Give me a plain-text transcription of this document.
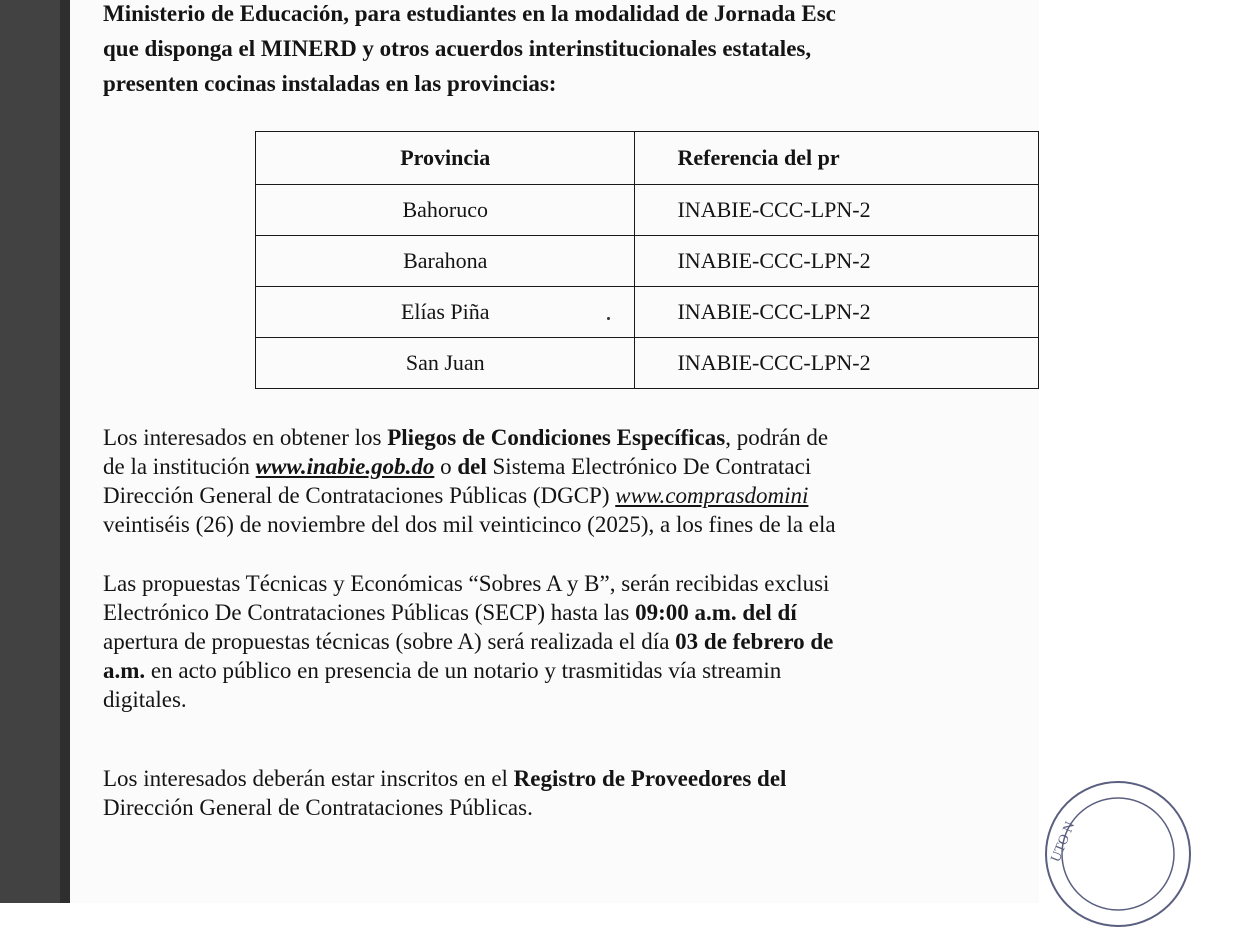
Ministerio de Educación, para estudiantes en la modalidad de Jornada Esc
que disponga el MINERD y otros acuerdos interinstitucionales estatales,
presenten cocinas instaladas en las provincias:
Provincia	Referencia del pr
Bahoruco	INABIE-CCC-LPN-2
Barahona	INABIE-CCC-LPN-2
Elías Piña	INABIE-CCC-LPN-2
San Juan	INABIE-CCC-LPN-2
Los interesados en obtener los Pliegos de Condiciones Específicas, podrán de
de la institución www.inabie.gob.do o del Sistema Electrónico De Contrataci
Dirección General de Contrataciones Públicas (DGCP) www.comprasdomini
veintiséis (26) de noviembre del dos mil veinticinco (2025), a los fines de la ela
Las propuestas Técnicas y Económicas “Sobres A y B”, serán recibidas exclusi
Electrónico De Contrataciones Públicas (SECP) hasta las 09:00 a.m. del dí
apertura de propuestas técnicas (sobre A) será realizada el día 03 de febrero de
a.m. en acto público en presencia de un notario y trasmitidas vía streamin
digitales.
Los interesados deberán estar inscritos en el Registro de Proveedores del
Dirección General de Contrataciones Públicas.
UTO N
